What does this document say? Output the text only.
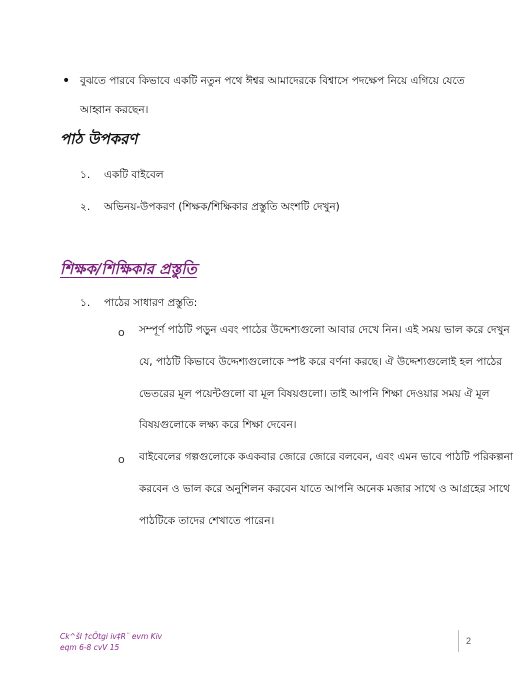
• বুঝতে পারবে কিভাবে একটি নতুন পথে ঈশ্বর আমাদেরকে বিশ্বাসে পদক্ষেপ নিয়ে এগিয়ে যেতে
আহ্বান করছেন।
পাঠ উপকরণ
১. একটি বাইবেল
২. অভিনয়-উপকরণ (শিক্ষক/শিক্ষিকার প্রস্তুতি অংশটি দেখুন)
শিক্ষক/শিক্ষিকার প্রস্তুতি
১. পাঠের সাধারণ প্রস্তুতি:
o সম্পূর্ণ পাঠটি পড়ুন এবং পাঠের উদ্দেশ্যগুলো আবার দেখে নিন। এই সময় ভাল করে দেখুন
যে, পাঠটি কিভাবে উদ্দেশ্যগুলোকে স্পষ্ট করে বর্ণনা করছে। ঐ উদ্দেশ্যগুলোই হল পাঠের
ভেতরের মূল পয়েন্টগুলো বা মূল বিষয়গুলো। তাই আপনি শিক্ষা দেওয়ার সময় ঐ মূল
বিষয়গুলোকে লক্ষ্য করে শিক্ষা দেবেন।
o বাইবেলের গল্পগুলোকে কএকবার জোরে জোরে বলবেন, এবং এমন ভাবে পাঠটি পরিকল্পনা
করবেন ও ভাল করে অনুশিলন করবেন যাতে আপনি অনেক মজার সাথে ও আগ্রহের সাথে
পাঠটিকে তাদের শেখাতে পারেন।
Ck^šI †cÖtgi iv‡R¨ evm Kiv
eqm 6-8 cvV 15
2
